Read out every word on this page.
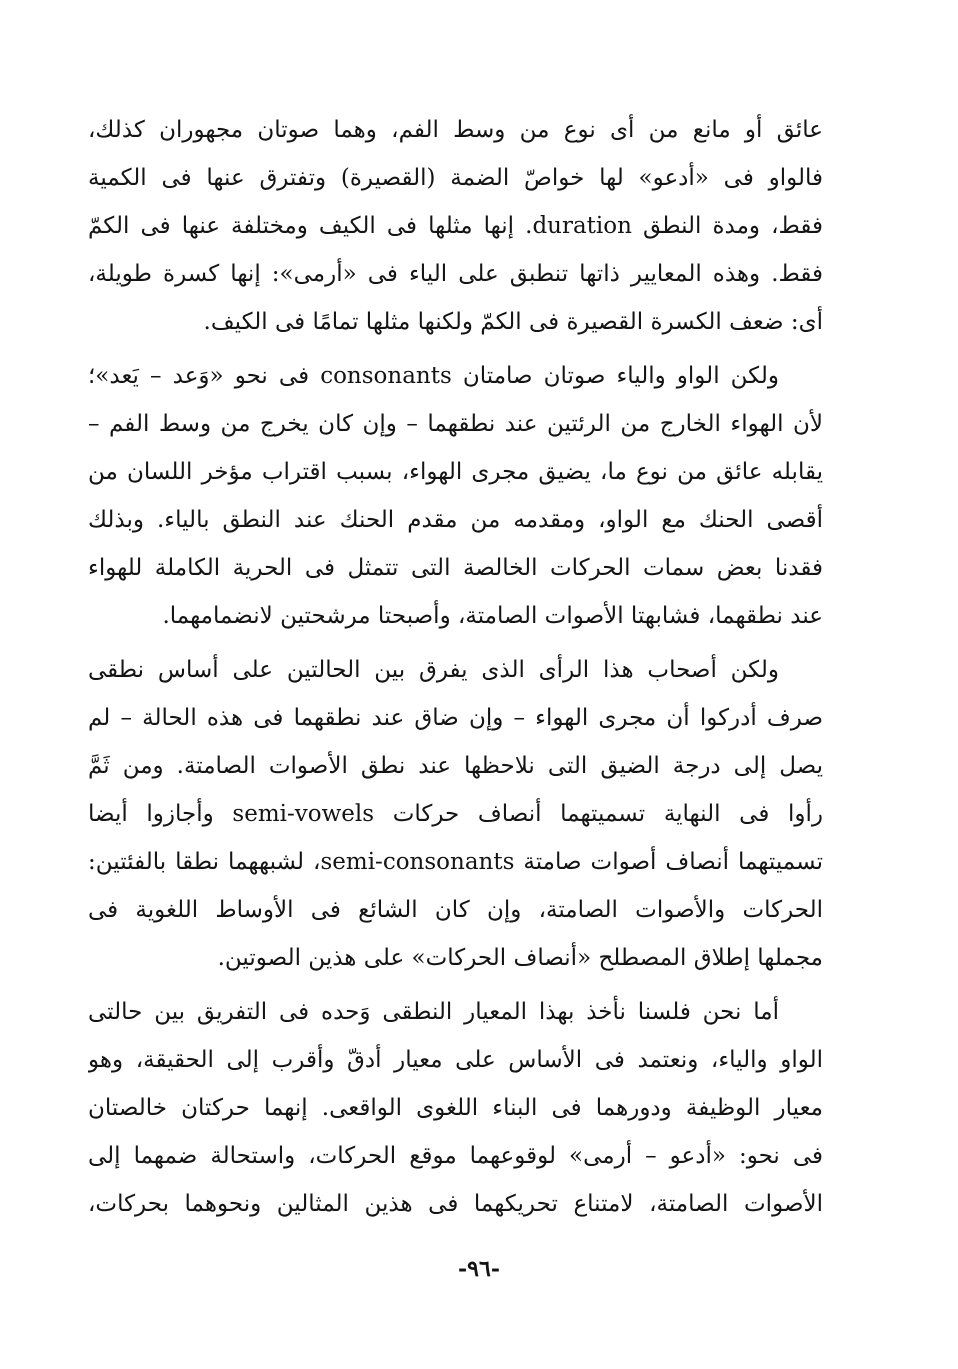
عائق أو مانع من أى نوع من وسط الفم، وهما صوتان مجهوران كذلك،
فالواو فى «أدعو» لها خواصّ الضمة (القصيرة) وتفترق عنها فى الكمية
فقط، ومدة النطق duration. إنها مثلها فى الكيف ومختلفة عنها فى الكمّ
فقط. وهذه المعايير ذاتها تنطبق على الياء فى «أرمى»: إنها كسرة طويلة،
أى: ضعف الكسرة القصيرة فى الكمّ ولكنها مثلها تمامًا فى الكيف.
ولكن الواو والياء صوتان صامتان consonants فى نحو «وَعد – يَعد»؛
لأن الهواء الخارج من الرئتين عند نطقهما – وإن كان يخرج من وسط الفم –
يقابله عائق من نوع ما، يضيق مجرى الهواء، بسبب اقتراب مؤخر اللسان من
أقصى الحنك مع الواو، ومقدمه من مقدم الحنك عند النطق بالياء. وبذلك
فقدنا بعض سمات الحركات الخالصة التى تتمثل فى الحرية الكاملة للهواء
عند نطقهما، فشابهتا الأصوات الصامتة، وأصبحتا مرشحتين لانضمامهما.
ولكن أصحاب هذا الرأى الذى يفرق بين الحالتين على أساس نطقى
صرف أدركوا أن مجرى الهواء – وإن ضاق عند نطقهما فى هذه الحالة – لم
يصل إلى درجة الضيق التى نلاحظها عند نطق الأصوات الصامتة. ومن ثَمَّ
رأوا فى النهاية تسميتهما أنصاف حركات semi-vowels وأجازوا أيضا
تسميتهما أنصاف أصوات صامتة semi-consonants، لشبههما نطقا بالفئتين:
الحركات والأصوات الصامتة، وإن كان الشائع فى الأوساط اللغوية فى
مجملها إطلاق المصطلح «أنصاف الحركات» على هذين الصوتين.
أما نحن فلسنا نأخذ بهذا المعيار النطقى وَحده فى التفريق بين حالتى
الواو والياء، ونعتمد فى الأساس على معيار أدقّ وأقرب إلى الحقيقة، وهو
معيار الوظيفة ودورهما فى البناء اللغوى الواقعى. إنهما حركتان خالصتان
فى نحو: «أدعو – أرمى» لوقوعهما موقع الحركات، واستحالة ضمهما إلى
الأصوات الصامتة، لامتناع تحريكهما فى هذين المثالين ونحوهما بحركات،
-٩٦-
